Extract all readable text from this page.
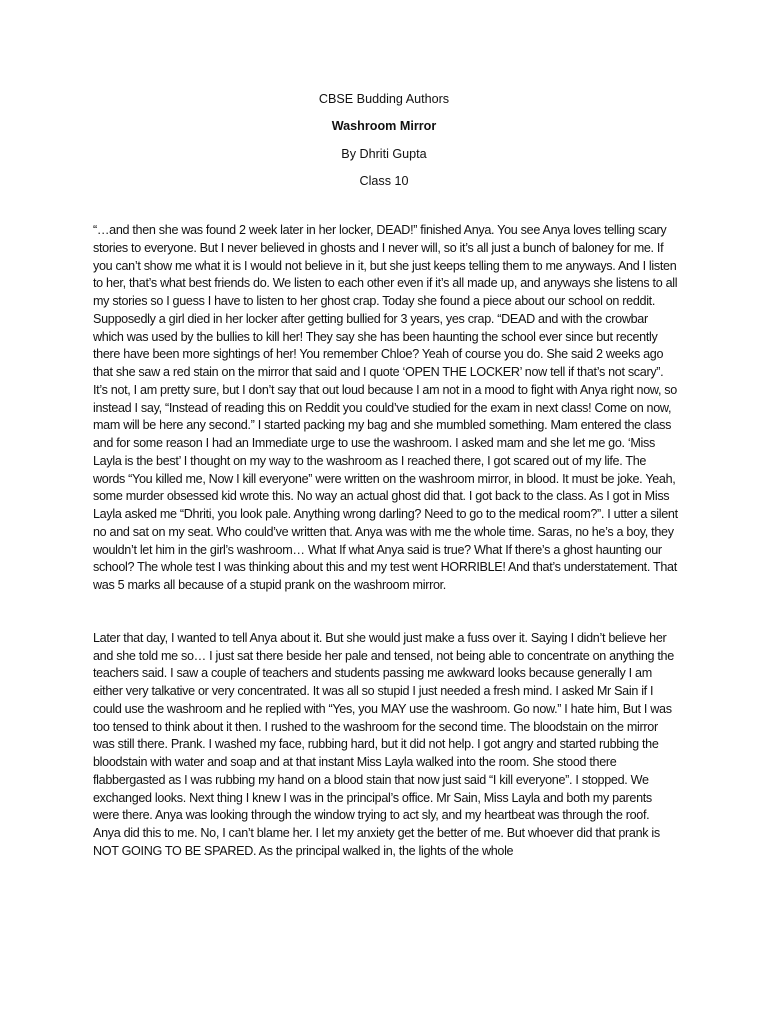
CBSE Budding Authors
Washroom Mirror
By Dhriti Gupta
Class 10

“…and then she was found 2 week later in her locker, DEAD!” finished Anya. You see Anya loves telling scary stories to everyone. But I never believed in ghosts and I never will, so it’s all just a bunch of baloney for me. If you can’t show me what it is I would not believe in it, but she just keeps telling them to me anyways. And I listen to her, that’s what best friends do. We listen to each other even if it’s all made up, and anyways she listens to all my stories so I guess I have to listen to her ghost crap. Today she found a piece about our school on reddit. Supposedly a girl died in her locker after getting bullied for 3 years, yes crap. “DEAD and with the crowbar which was used by the bullies to kill her! They say she has been haunting the school ever since but recently there have been more sightings of her! You remember Chloe? Yeah of course you do. She said 2 weeks ago that she saw a red stain on the mirror that said and I quote ‘OPEN THE LOCKER’ now tell if that’s not scary”. It’s not, I am pretty sure, but I don’t say that out loud because I am not in a mood to fight with Anya right now, so instead I say, “Instead of reading this on Reddit you could’ve studied for the exam in next class! Come on now, mam will be here any second.” I started packing my bag and she mumbled something. Mam entered the class and for some reason I had an Immediate urge to use the washroom. I asked mam and she let me go. ‘Miss Layla is the best’ I thought on my way to the washroom as I reached there, I got scared out of my life. The words “You killed me, Now I kill everyone” were written on the washroom mirror, in blood. It must be joke. Yeah, some murder obsessed kid wrote this. No way an actual ghost did that. I got back to the class. As I got in Miss Layla asked me “Dhriti, you look pale. Anything wrong darling? Need to go to the medical room?”. I utter a silent no and sat on my seat. Who could’ve written that. Anya was with me the whole time. Saras, no he’s a boy, they wouldn’t let him in the girl’s washroom… What If what Anya said is true? What If there’s a ghost haunting our school? The whole test I was thinking about this and my test went HORRIBLE! And that’s understatement. That was 5 marks all because of a stupid prank on the washroom mirror.

Later that day, I wanted to tell Anya about it. But she would just make a fuss over it. Saying I didn’t believe her and she told me so… I just sat there beside her pale and tensed, not being able to concentrate on anything the teachers said. I saw a couple of teachers and students passing me awkward looks because generally I am either very talkative or very concentrated. It was all so stupid I just needed a fresh mind. I asked Mr Sain if I could use the washroom and he replied with “Yes, you MAY use the washroom. Go now.” I hate him, But I was too tensed to think about it then. I rushed to the washroom for the second time. The bloodstain on the mirror was still there. Prank. I washed my face, rubbing hard, but it did not help. I got angry and started rubbing the bloodstain with water and soap and at that instant Miss Layla walked into the room. She stood there flabbergasted as I was rubbing my hand on a blood stain that now just said “I kill everyone”. I stopped. We exchanged looks. Next thing I knew I was in the principal’s office. Mr Sain, Miss Layla and both my parents were there. Anya was looking through the window trying to act sly, and my heartbeat was through the roof. Anya did this to me. No, I can’t blame her. I let my anxiety get the better of me. But whoever did that prank is NOT GOING TO BE SPARED. As the principal walked in, the lights of the whole
